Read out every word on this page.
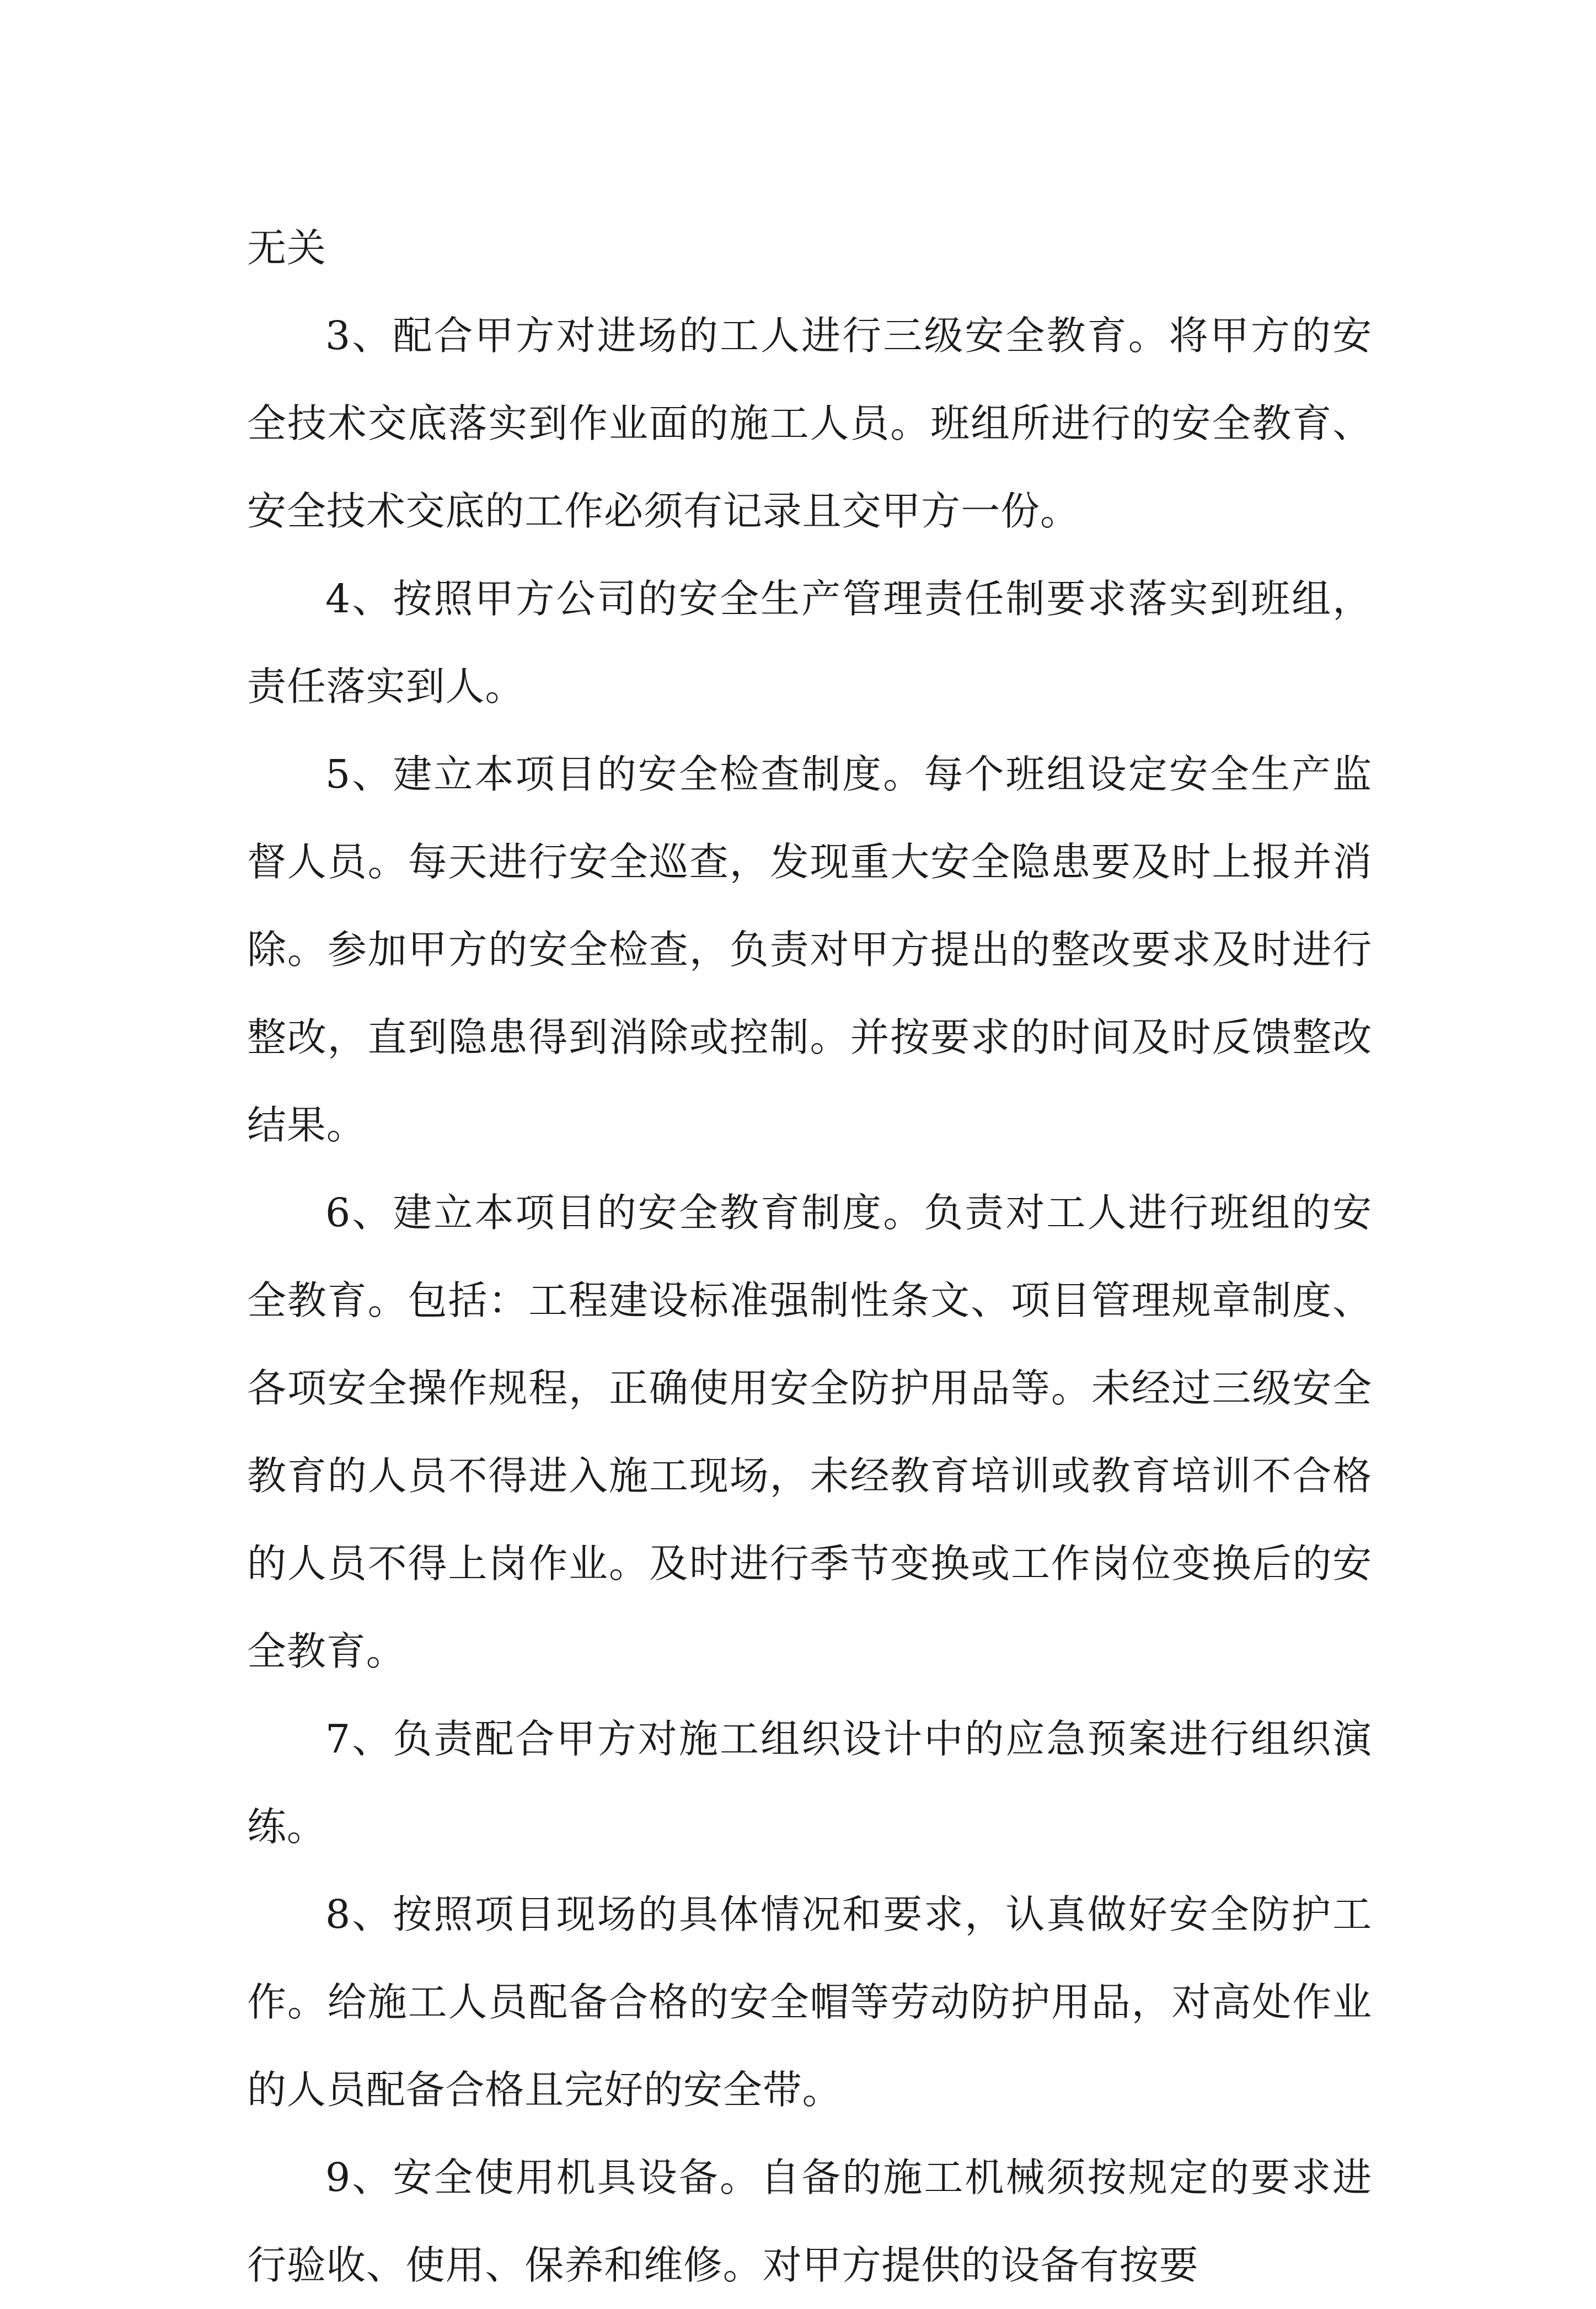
无关

3、配合甲方对进场的工人进行三级安全教育。将甲方的安全技术交底落实到作业面的施工人员。班组所进行的安全教育、安全技术交底的工作必须有记录且交甲方一份。

4、按照甲方公司的安全生产管理责任制要求落实到班组，责任落实到人。

5、建立本项目的安全检查制度。每个班组设定安全生产监督人员。每天进行安全巡查，发现重大安全隐患要及时上报并消除。参加甲方的安全检查，负责对甲方提出的整改要求及时进行整改，直到隐患得到消除或控制。并按要求的时间及时反馈整改结果。

6、建立本项目的安全教育制度。负责对工人进行班组的安全教育。包括：工程建设标准强制性条文、项目管理规章制度、各项安全操作规程，正确使用安全防护用品等。未经过三级安全教育的人员不得进入施工现场，未经教育培训或教育培训不合格的人员不得上岗作业。及时进行季节变换或工作岗位变换后的安全教育。

7、负责配合甲方对施工组织设计中的应急预案进行组织演练。

8、按照项目现场的具体情况和要求，认真做好安全防护工作。给施工人员配备合格的安全帽等劳动防护用品，对高处作业的人员配备合格且完好的安全带。

9、安全使用机具设备。自备的施工机械须按规定的要求进行验收、使用、保养和维修。对甲方提供的设备有按要
